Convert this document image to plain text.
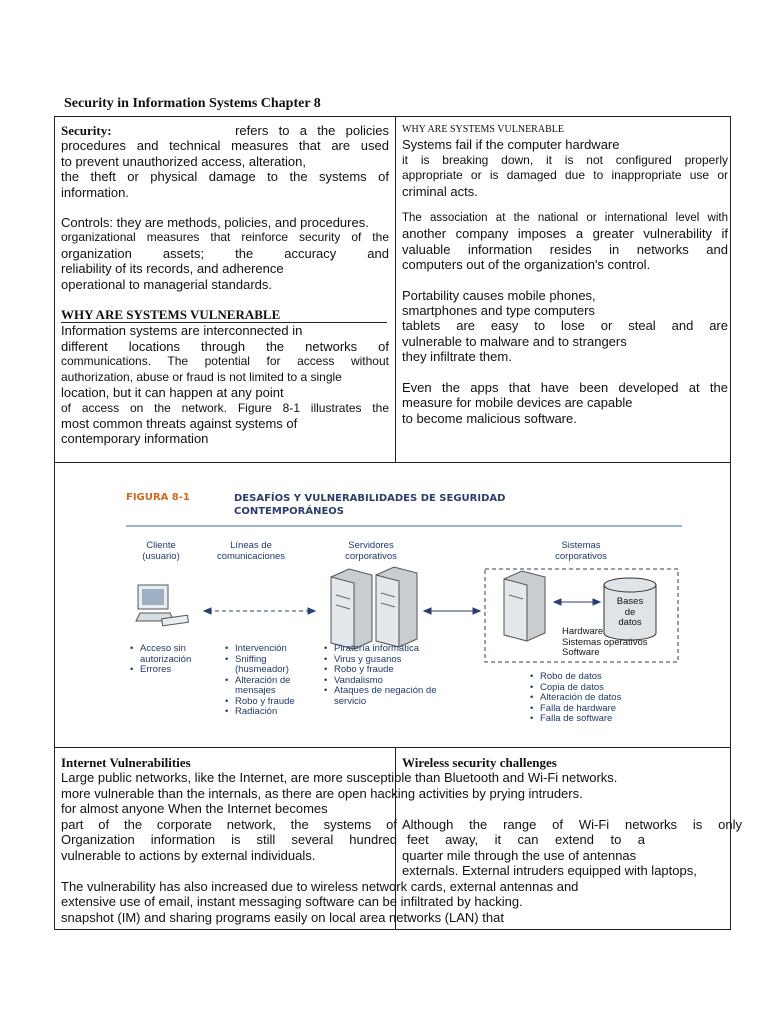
Security in Information Systems Chapter 8

Security:	refers to a the policies

procedures and technical measures that are used

to prevent unauthorized access, alteration,

the theft or physical damage to the systems of

information.

Controls: they are methods, policies, and procedures.

organizational measures that reinforce security of the

organization assets; the accuracy and

reliability of its records, and adherence

operational to managerial standards.

WHY ARE SYSTEMS VULNERABLE

Information systems are interconnected in

different locations through the networks of

communications. The potential for access without

authorization, abuse or fraud is not limited to a single

location, but it can happen at any point

of access on the network. Figure 8-1 illustrates the

most common threats against systems of

contemporary information

WHY ARE SYSTEMS VULNERABLE

Systems fail if the computer hardware

it is breaking down, it is not configured properly

appropriate or is damaged due to inappropriate use or

criminal acts.

The association at the national or international level with

another company imposes a greater vulnerability if

valuable information resides in networks and

computers out of the organization's control.

Portability causes mobile phones,

smartphones and type computers

tablets are easy to lose or steal and are

vulnerable to malware and to strangers

they infiltrate them.

Even the apps that have been developed at the

measure for mobile devices are capable

to become malicious software.

FIGURA 8-1	DESAFÍOS Y VULNERABILIDADES DE SEGURIDAD
CONTEMPORÁNEOS
Cliente
(usuario)
Líneas de
comunicaciones
Servidores
corporativos
Sistemas
corporativos
Bases
de
datos
Hardware
Sistemas operativos
Software
• Acceso sin autorización
• Errores
• Intervención
• Sniffing (husmeador)
• Alteración de mensajes
• Robo y fraude
• Radiación
• Piratería informática
• Virus y gusanos
• Robo y fraude
• Vandalismo
• Ataques de negación de servicio
• Robo de datos
• Copia de datos
• Alteración de datos
• Falla de hardware
• Falla de software
Internet Vulnerabilities	Wireless security challenges
Large public networks, like the Internet, are more susceptible than Bluetooth and Wi-Fi networks.
more vulnerable than the internals, as there are open hacking activities by prying intruders.
for almost anyone When the Internet becomes
part of the corporate network, the systems of
Organization information is still several hundred
vulnerable to actions by external individuals.
The vulnerability has also increased due to wireless network cards, external antennas and
extensive use of email, instant messaging software can be infiltrated by hacking.
snapshot (IM) and sharing programs easily on local area networks (LAN) that
Although the range of Wi-Fi networks is only
feet away, it can extend to a
quarter mile through the use of antennas
externals. External intruders equipped with laptops,
